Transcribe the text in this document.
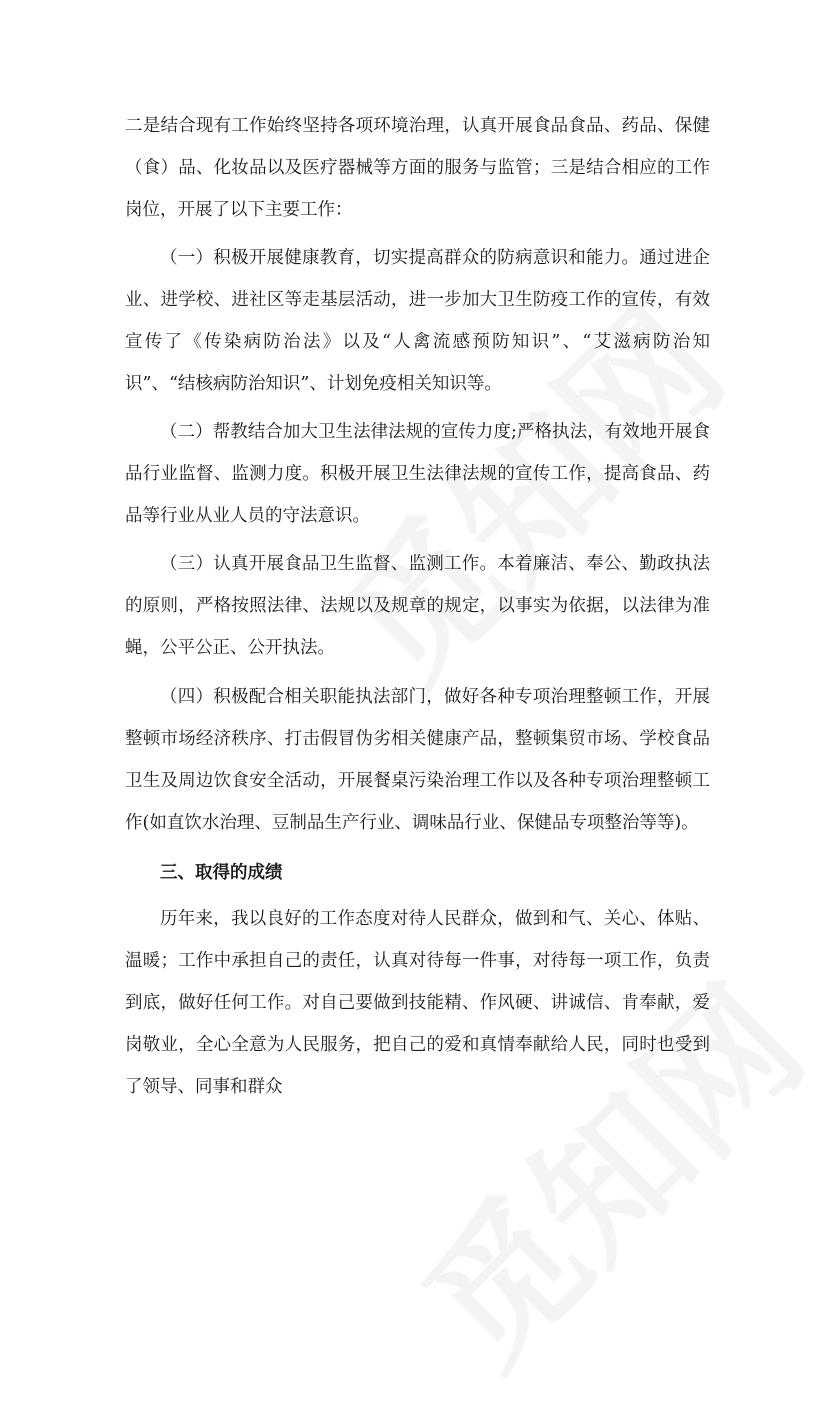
二是结合现有工作始终坚持各项环境治理，认真开展食品食品、药品、保健（食）品、化妆品以及医疗器械等方面的服务与监管；三是结合相应的工作岗位，开展了以下主要工作：

（一）积极开展健康教育，切实提高群众的防病意识和能力。通过进企业、进学校、进社区等走基层活动，进一步加大卫生防疫工作的宣传，有效宣传了《传染病防治法》以及“人禽流感预防知识”、“艾滋病防治知识”、“结核病防治知识”、计划免疫相关知识等。

（二）帮教结合加大卫生法律法规的宣传力度;严格执法，有效地开展食品行业监督、监测力度。积极开展卫生法律法规的宣传工作，提高食品、药品等行业从业人员的守法意识。

（三）认真开展食品卫生监督、监测工作。本着廉洁、奉公、勤政执法的原则，严格按照法律、法规以及规章的规定，以事实为依据，以法律为准蝇，公平公正、公开执法。

（四）积极配合相关职能执法部门，做好各种专项治理整顿工作，开展整顿市场经济秩序、打击假冒伪劣相关健康产品，整顿集贸市场、学校食品卫生及周边饮食安全活动，开展餐桌污染治理工作以及各种专项治理整顿工作(如直饮水治理、豆制品生产行业、调味品行业、保健品专项整治等等)。

三、取得的成绩

历年来，我以良好的工作态度对待人民群众，做到和气、关心、体贴、温暖；工作中承担自己的责任，认真对待每一件事，对待每一项工作，负责到底，做好任何工作。对自己要做到技能精、作风硬、讲诚信、肯奉献，爱岗敬业，全心全意为人民服务，把自己的爱和真情奉献给人民，同时也受到了领导、同事和群众
